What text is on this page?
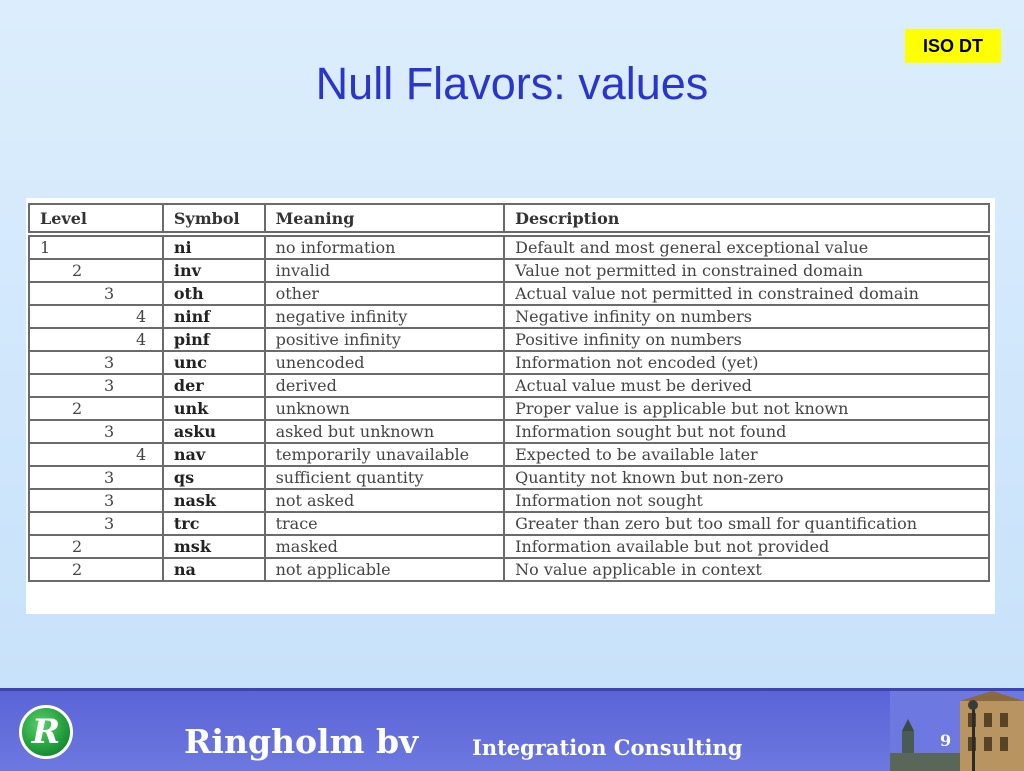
ISO DT
Null Flavors: values
Level	Symbol	Meaning	Description
1	ni	no information	Default and most general exceptional value
2	inv	invalid	Value not permitted in constrained domain
3	oth	other	Actual value not permitted in constrained domain
4	ninf	negative infinity	Negative infinity on numbers
4	pinf	positive infinity	Positive infinity on numbers
3	unc	unencoded	Information not encoded (yet)
3	der	derived	Actual value must be derived
2	unk	unknown	Proper value is applicable but not known
3	asku	asked but unknown	Information sought but not found
4	nav	temporarily unavailable	Expected to be available later
3	qs	sufficient quantity	Quantity not known but non-zero
3	nask	not asked	Information not sought
3	trc	trace	Greater than zero but too small for quantification
2	msk	masked	Information available but not provided
2	na	not applicable	No value applicable in context
R	Ringholm bv	Integration Consulting	9
